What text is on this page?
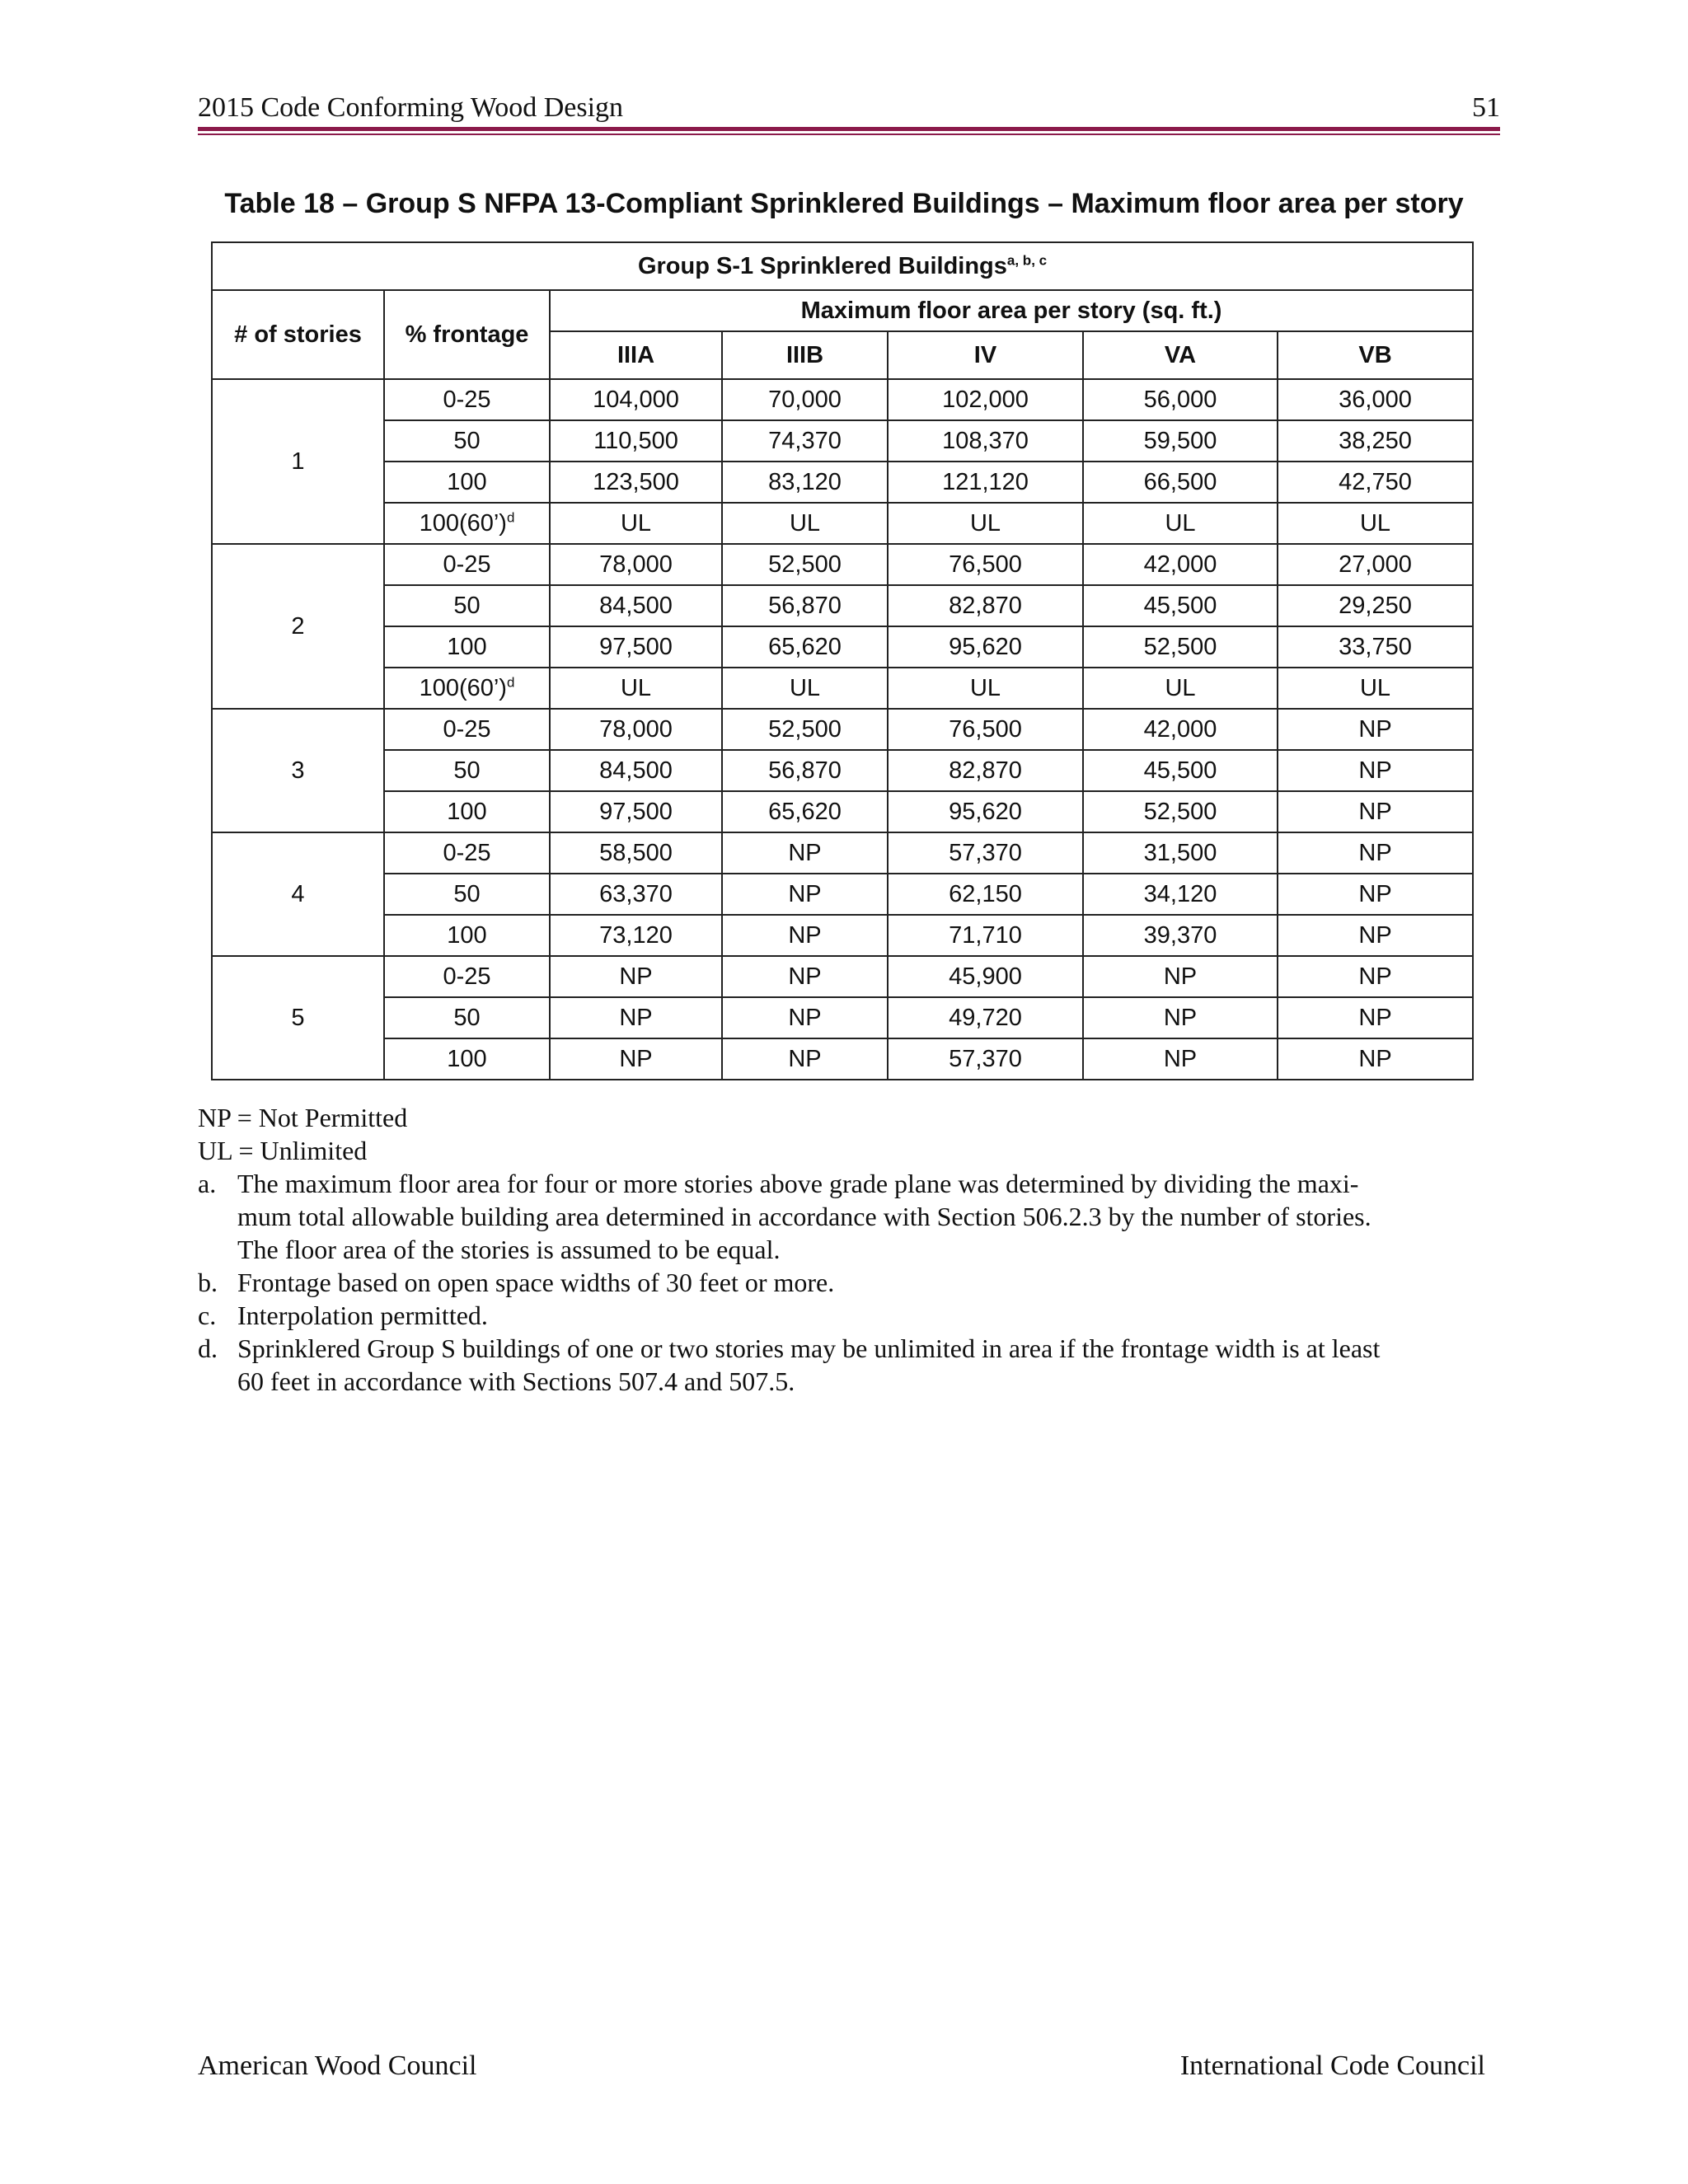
2015 Code Conforming Wood Design	51
Table 18 – Group S NFPA 13-Compliant Sprinklered Buildings – Maximum floor area per story
Group S-1 Sprinklered Buildings$^{a, b, c}$
# of stories	% frontage	Maximum floor area per story (sq. ft.)				
		IIIA	IIIB	IV	VA	VB
1	0-25	104,000	70,000	102,000	56,000	36,000
	50	110,500	74,370	108,370	59,500	38,250
	100	123,500	83,120	121,120	66,500	42,750
	100(60’)$^d$	UL	UL	UL	UL	UL
2	0-25	78,000	52,500	76,500	42,000	27,000
	50	84,500	56,870	82,870	45,500	29,250
	100	97,500	65,620	95,620	52,500	33,750
	100(60’)$^d$	UL	UL	UL	UL	UL
3	0-25	78,000	52,500	76,500	42,000	NP
	50	84,500	56,870	82,870	45,500	NP
	100	97,500	65,620	95,620	52,500	NP
4	0-25	58,500	NP	57,370	31,500	NP
	50	63,370	NP	62,150	34,120	NP
	100	73,120	NP	71,710	39,370	NP
5	0-25	NP	NP	45,900	NP	NP
	50	NP	NP	49,720	NP	NP
	100	NP	NP	57,370	NP	NP
NP = Not Permitted
UL = Unlimited
a. The maximum floor area for four or more stories above grade plane was determined by dividing the maxi-
mum total allowable building area determined in accordance with Section 506.2.3 by the number of stories.
The floor area of the stories is assumed to be equal.
b. Frontage based on open space widths of 30 feet or more.
c. Interpolation permitted.
d. Sprinklered Group S buildings of one or two stories may be unlimited in area if the frontage width is at least
60 feet in accordance with Sections 507.4 and 507.5.
American Wood Council	International Code Council
